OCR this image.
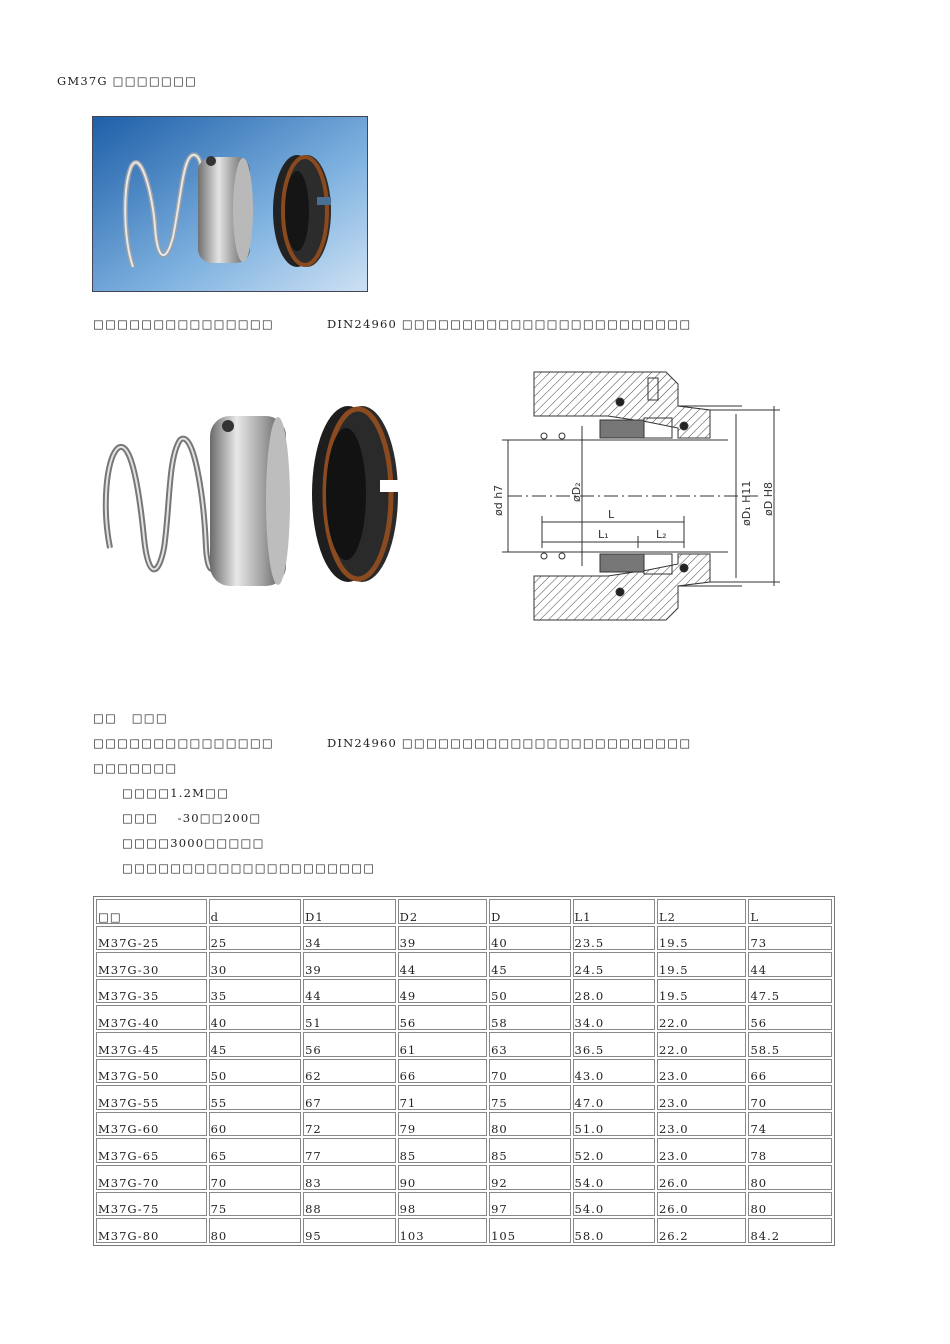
GM37G □□□□□□□
□□□□□□□□□□□□□□□	DIN24960 □□□□□□□□□□□□□□□□□□□□□□□□
ød h7	øD₂	øD₁ H11 øD H8
L
L₁	L₂
□□   □□□
□□□□□□□□□□□□□□□	DIN24960 □□□□□□□□□□□□□□□□□□□□□□□□
□□□□□□□
□□□□1.2M□□
□□□    -30□□200□
□□□□3000□□□□□
□□□□□□□□□□□□□□□□□□□□□
□□	d	D1	D2	D	L1	L2	L
M37G-25	25	34	39	40	23.5	19.5	73
M37G-30	30	39	44	45	24.5	19.5	44
M37G-35	35	44	49	50	28.0	19.5	47.5
M37G-40	40	51	56	58	34.0	22.0	56
M37G-45	45	56	61	63	36.5	22.0	58.5
M37G-50	50	62	66	70	43.0	23.0	66
M37G-55	55	67	71	75	47.0	23.0	70
M37G-60	60	72	79	80	51.0	23.0	74
M37G-65	65	77	85	85	52.0	23.0	78
M37G-70	70	83	90	92	54.0	26.0	80
M37G-75	75	88	98	97	54.0	26.0	80
M37G-80	80	95	103	105	58.0	26.2	84.2
